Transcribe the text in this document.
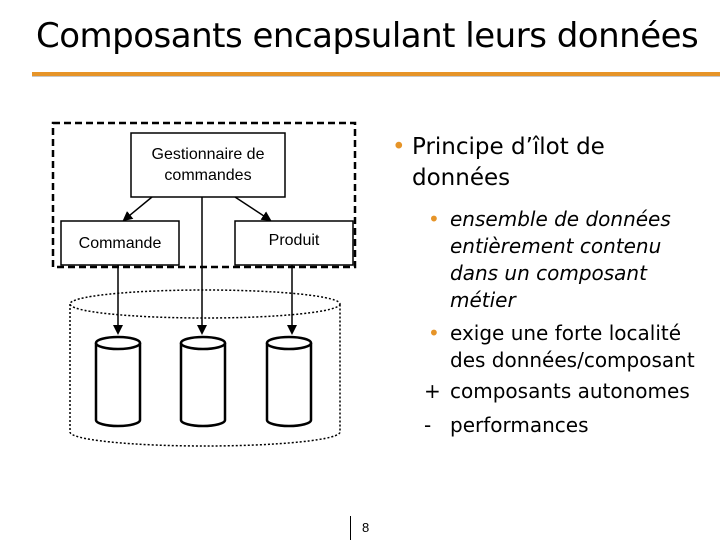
Composants encapsulant leurs données
Gestionnaire de
commandes
Commande	Produit
• Principe d’îlot de
données
• ensemble de données
entièrement contenu
dans un composant
métier
• exige une forte localité
des données/composant
+ composants autonomes
- performances
8
